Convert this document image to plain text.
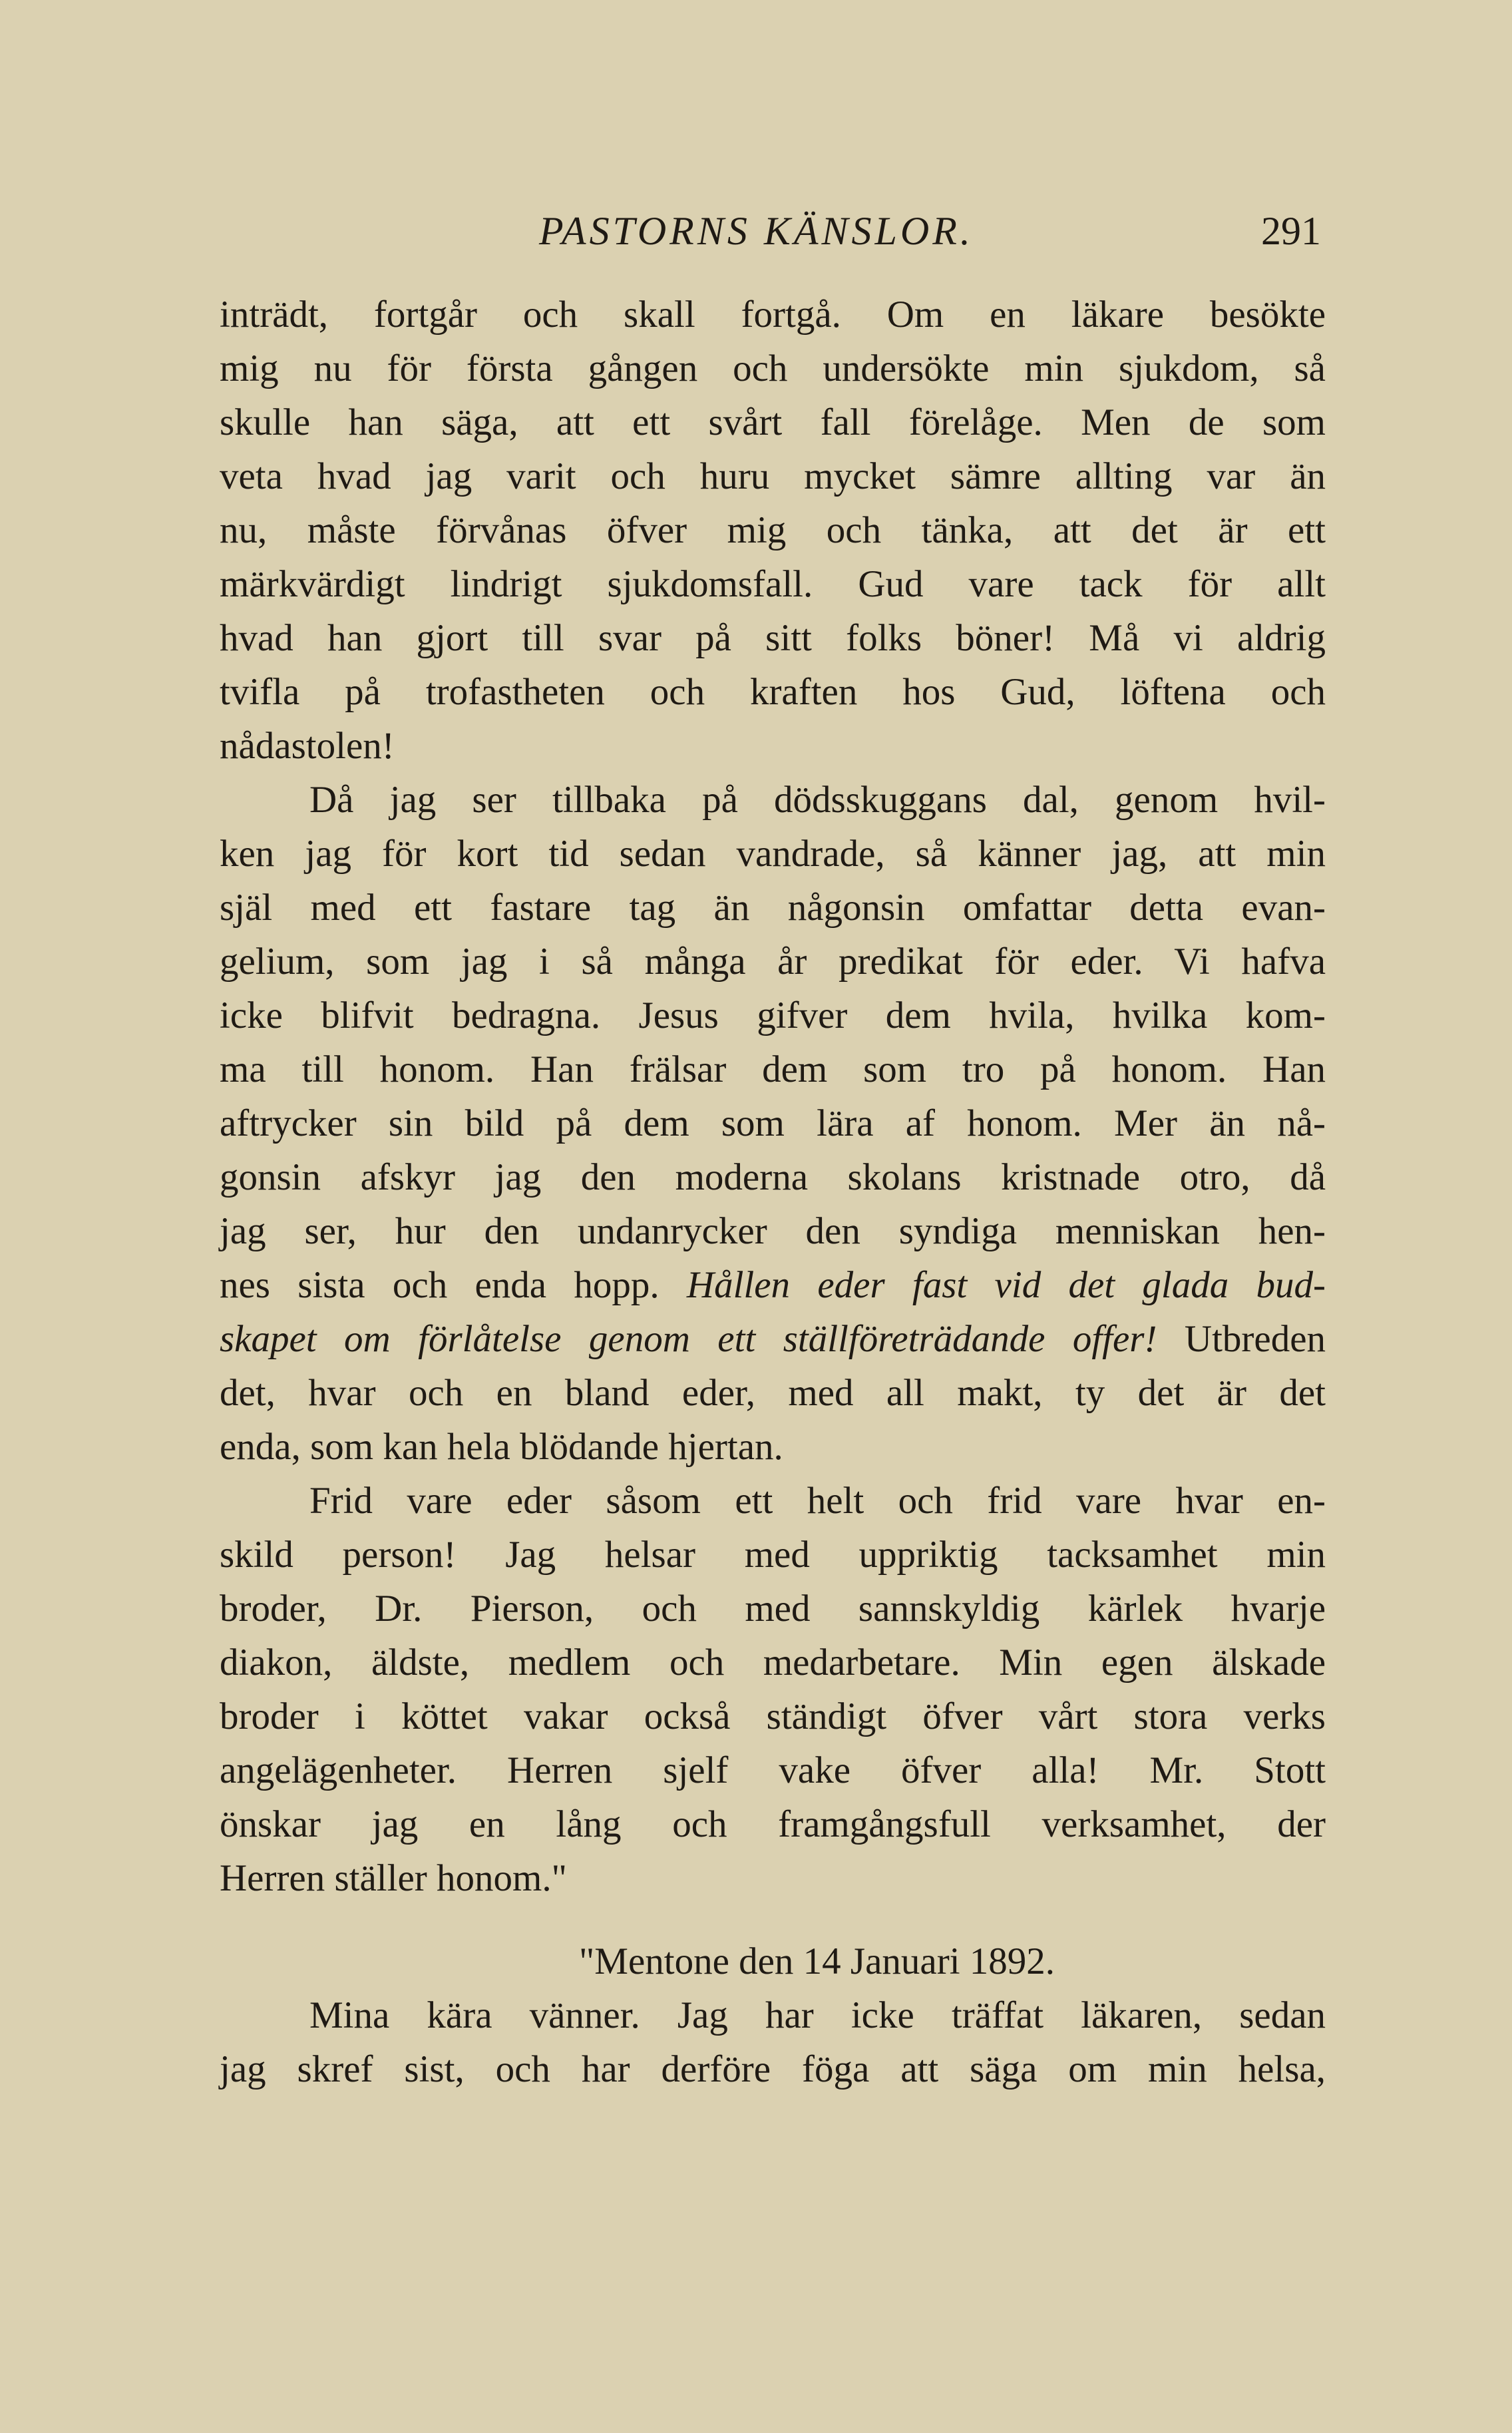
PASTORNS KÄNSLOR.	291
inträdt, fortgår och skall fortgå. Om en läkare besökte
mig nu för första gången och undersökte min sjukdom, så
skulle han säga, att ett svårt fall förelåge. Men de som
veta hvad jag varit och huru mycket sämre allting var än
nu, måste förvånas öfver mig och tänka, att det är ett
märkvärdigt lindrigt sjukdomsfall. Gud vare tack för allt
hvad han gjort till svar på sitt folks böner! Må vi aldrig
tvifla på trofastheten och kraften hos Gud, löftena och
nådastolen!
Då jag ser tillbaka på dödsskuggans dal, genom hvil-
ken jag för kort tid sedan vandrade, så känner jag, att min
själ med ett fastare tag än någonsin omfattar detta evan-
gelium, som jag i så många år predikat för eder. Vi hafva
icke blifvit bedragna. Jesus gifver dem hvila, hvilka kom-
ma till honom. Han frälsar dem som tro på honom. Han
aftrycker sin bild på dem som lära af honom. Mer än nå-
gonsin afskyr jag den moderna skolans kristnade otro, då
jag ser, hur den undanrycker den syndiga menniskan hen-
nes sista och enda hopp. Hållen eder fast vid det glada bud-
skapet om förlåtelse genom ett ställföreträdande offer! Utbreden
det, hvar och en bland eder, med all makt, ty det är det
enda, som kan hela blödande hjertan.
Frid vare eder såsom ett helt och frid vare hvar en-
skild person! Jag helsar med uppriktig tacksamhet min
broder, Dr. Pierson, och med sannskyldig kärlek hvarje
diakon, äldste, medlem och medarbetare. Min egen älskade
broder i köttet vakar också ständigt öfver vårt stora verks
angelägenheter. Herren sjelf vake öfver alla! Mr. Stott
önskar jag en lång och framgångsfull verksamhet, der
Herren ställer honom."
"Mentone den 14 Januari 1892.
Mina kära vänner. Jag har icke träffat läkaren, sedan
jag skref sist, och har derföre föga att säga om min helsa,
